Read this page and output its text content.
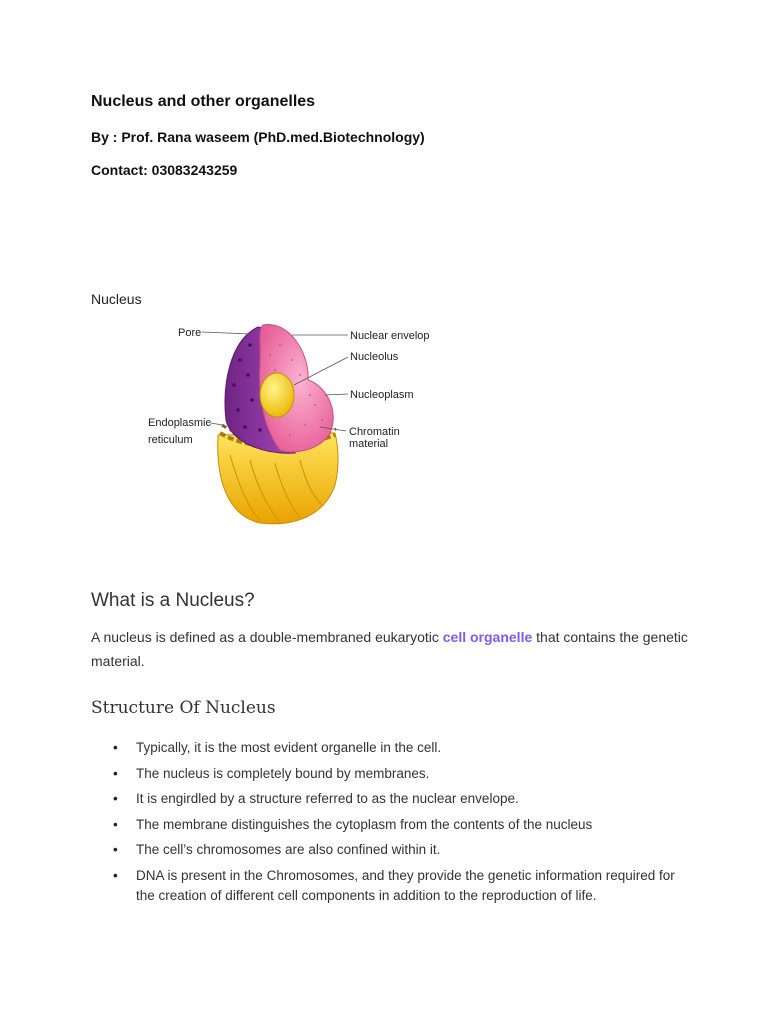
Nucleus and other organelles

By : Prof. Rana waseem (PhD.med.Biotechnology)

Contact: 03083243259

Nucleus

Pore
Endoplasmic
reticulum
Nuclear envelop
Nucleolus
Nucleoplasm
Chromatin
material
What is a Nucleus?

A nucleus is defined as a double-membraned eukaryotic cell organelle that contains the genetic material.

Structure Of Nucleus
• Typically, it is the most evident organelle in the cell.
• The nucleus is completely bound by membranes.
• It is engirdled by a structure referred to as the nuclear envelope.
• The membrane distinguishes the cytoplasm from the contents of the nucleus
• The cell’s chromosomes are also confined within it.
• DNA is present in the Chromosomes, and they provide the genetic information required for the creation of different cell components in addition to the reproduction of life.
